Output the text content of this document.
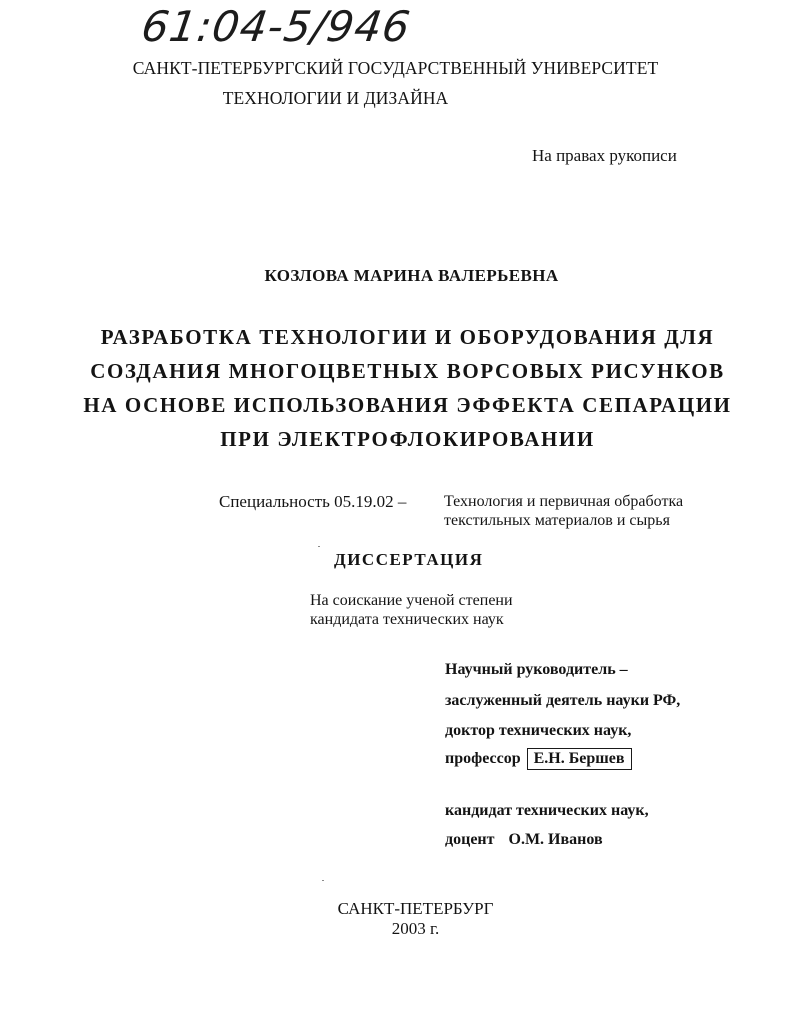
61:04-5/946
САНКТ-ПЕТЕРБУРГСКИЙ ГОСУДАРСТВЕННЫЙ УНИВЕРСИТЕТ
ТЕХНОЛОГИИ И ДИЗАЙНА
На правах рукописи
КОЗЛОВА МАРИНА ВАЛЕРЬЕВНА
РАЗРАБОТКА ТЕХНОЛОГИИ И ОБОРУДОВАНИЯ ДЛЯ
СОЗДАНИЯ МНОГОЦВЕТНЫХ ВОРСОВЫХ РИСУНКОВ
НА ОСНОВЕ ИСПОЛЬЗОВАНИЯ ЭФФЕКТА СЕПАРАЦИИ
ПРИ ЭЛЕКТРОФЛОКИРОВАНИИ
Специальность 05.19.02 – Технология и первичная обработка
текстильных материалов и сырья
ДИССЕРТАЦИЯ
На соискание ученой степени
кандидата технических наук
Научный руководитель –
заслуженный деятель науки РФ,
доктор технических наук,
профессор Е.Н. Бершев
кандидат технических наук,
доцент О.М. Иванов
САНКТ-ПЕТЕРБУРГ
2003 г.
